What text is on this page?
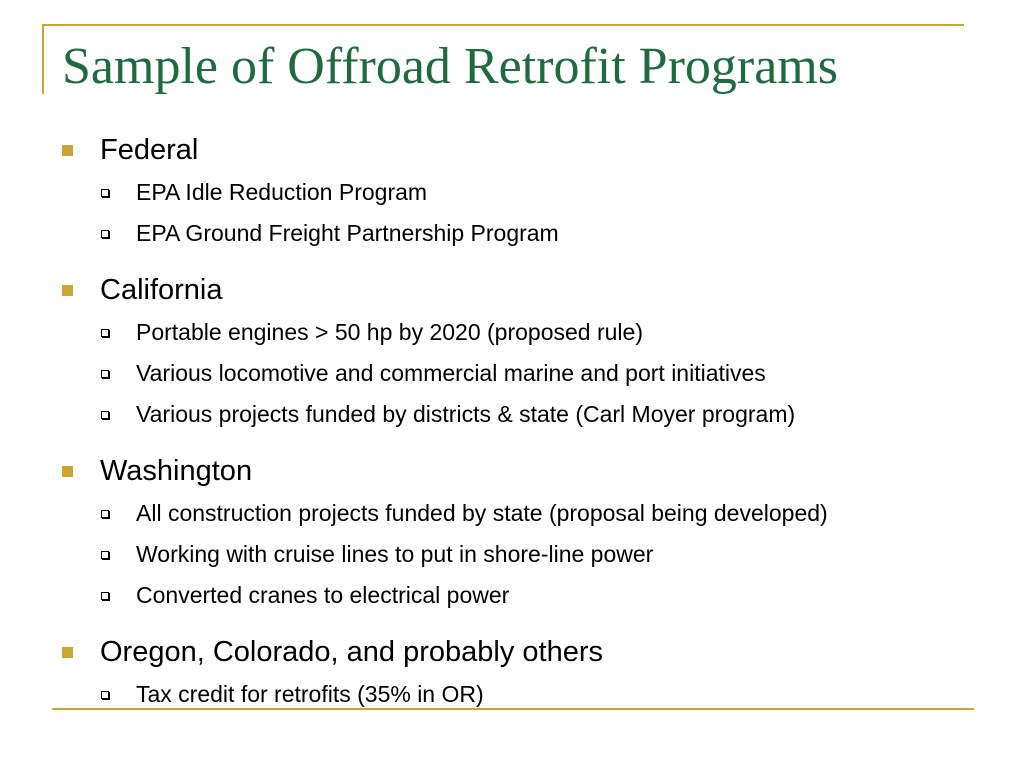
Sample of Offroad Retrofit Programs
Federal
EPA Idle Reduction Program
EPA Ground Freight Partnership Program
California
Portable engines > 50 hp by 2020 (proposed rule)
Various locomotive and commercial marine and port initiatives
Various projects funded by districts & state (Carl Moyer program)
Washington
All construction projects funded by state (proposal being developed)
Working with cruise lines to put in shore-line power
Converted cranes to electrical power
Oregon, Colorado, and probably others
Tax credit for retrofits (35% in OR)
